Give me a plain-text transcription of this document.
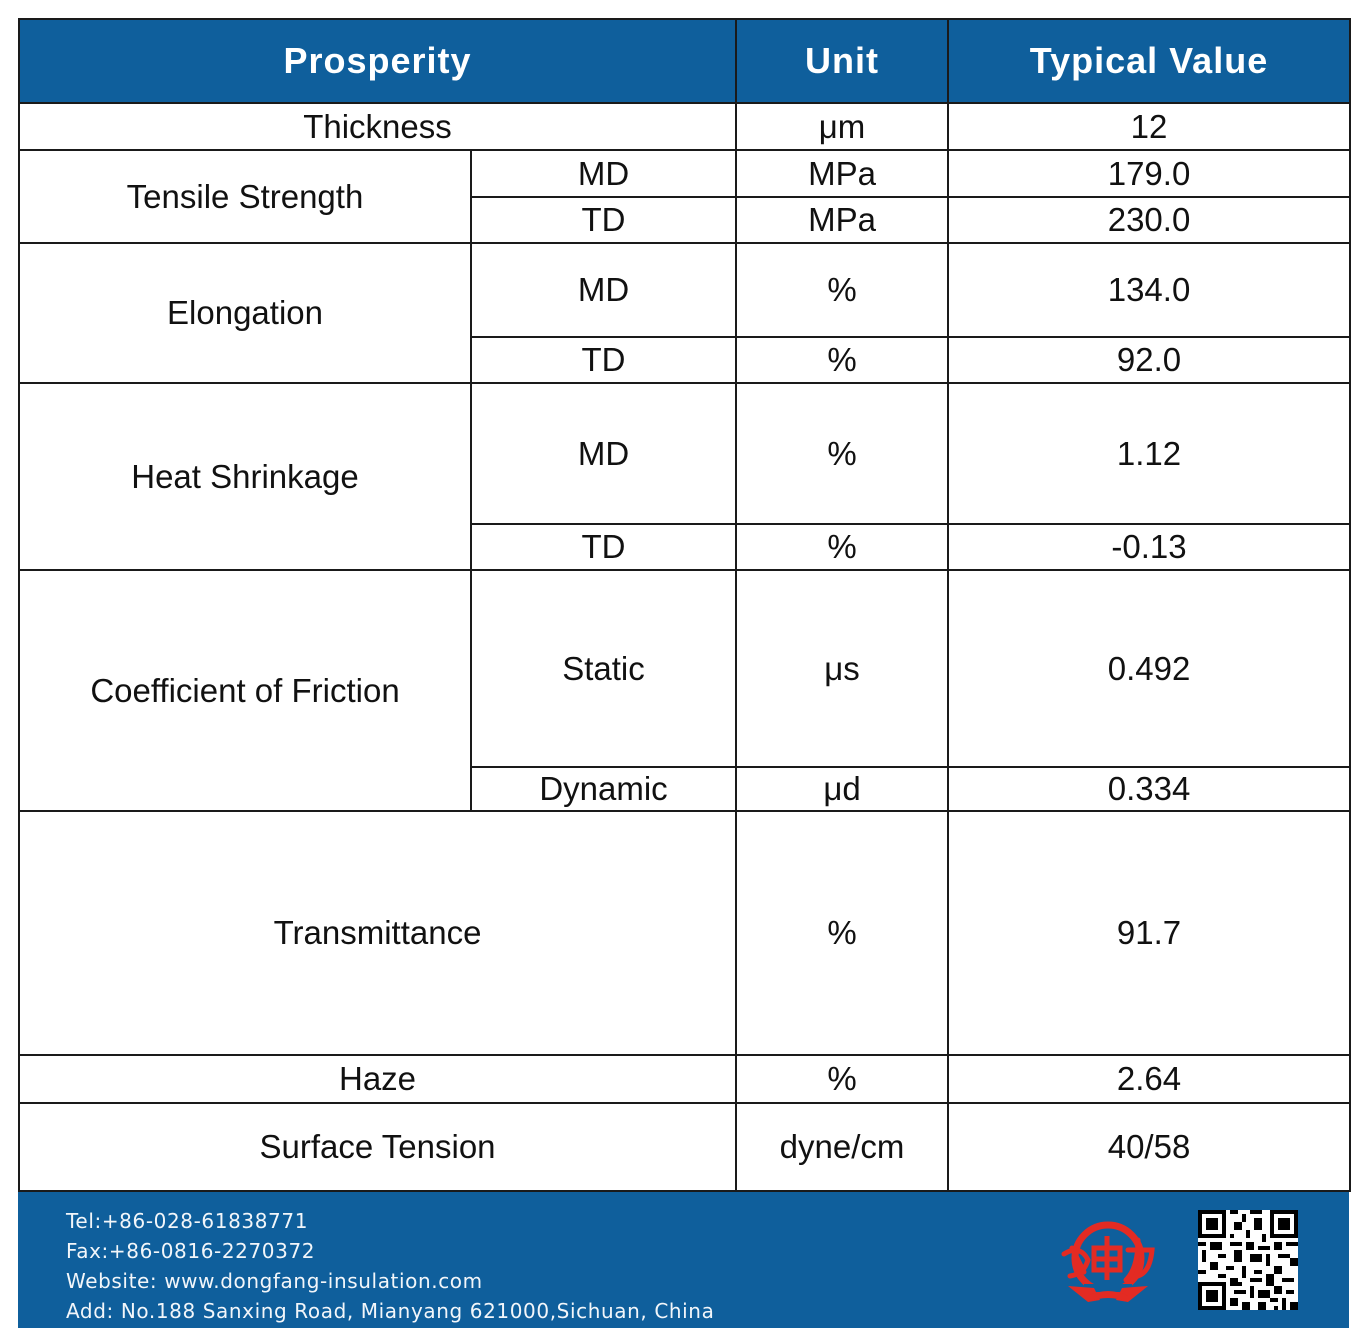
Prosperity		Unit	Typical Value
Thickness		μm	12
Tensile Strength	MD	MPa	179.0
	TD	MPa	230.0
Elongation	MD	%	134.0
	TD	%	92.0
Heat Shrinkage	MD	%	1.12
	TD	%	-0.13
Coefficient of Friction	Static	μs	0.492
	Dynamic	μd	0.334
Transmittance		%	91.7
Haze		%	2.64
Surface Tension		dyne/cm	40/58
Tel:+86-028-61838771
Fax:+86-0816-2270372
Website: www.dongfang-insulation.com
Add: No.188 Sanxing Road, Mianyang 621000,Sichuan, China
